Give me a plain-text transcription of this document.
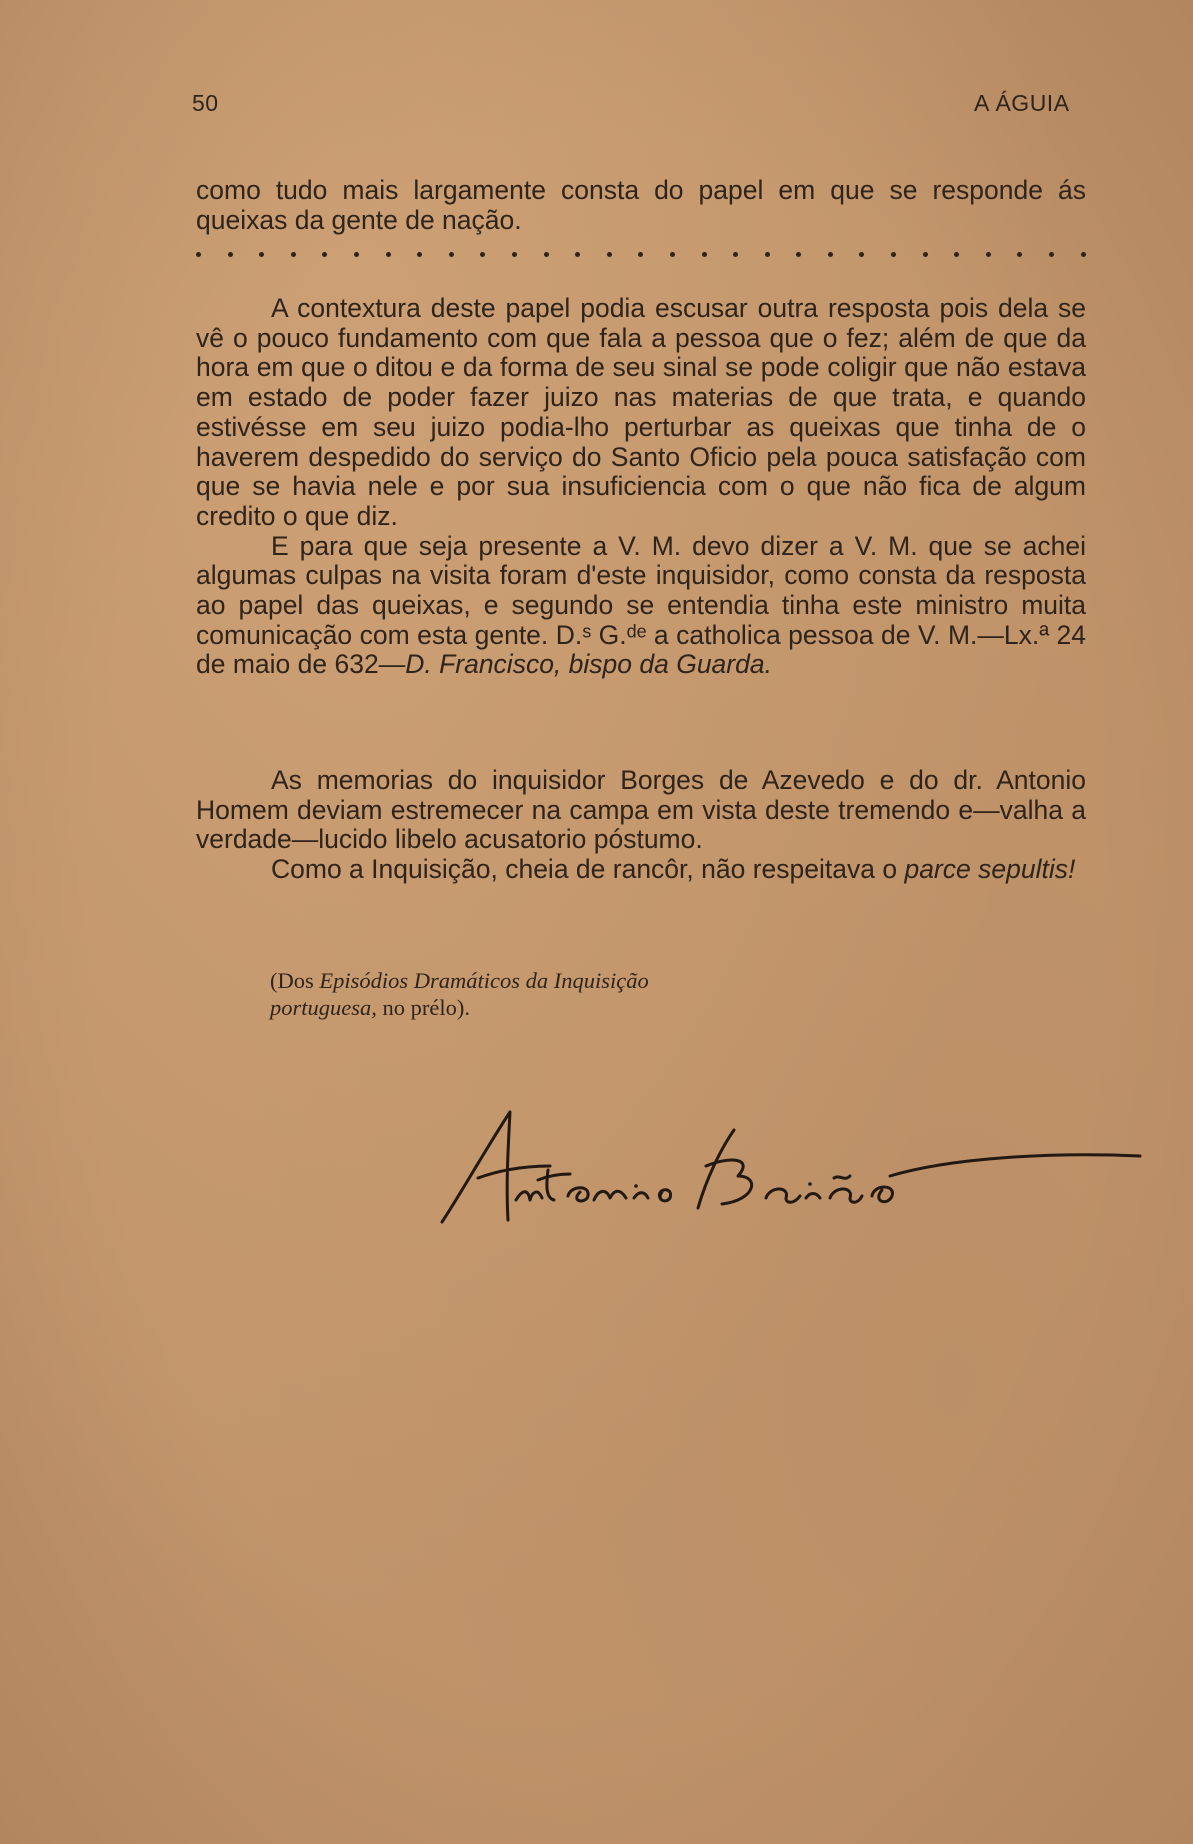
50	A ÁGUIA

como tudo mais largamente consta do papel em que se responde ás queixas da gente de nação.

A contextura deste papel podia escusar outra resposta pois dela se vê o pouco fundamento com que fala a pessoa que o fez; além de que da hora em que o ditou e da forma de seu sinal se pode coligir que não estava em estado de poder fazer juizo nas materias de que trata, e quando estivésse em seu juizo podia-lho perturbar as queixas que tinha de o haverem despedido do serviço do Santo Oficio pela pouca satisfação com que se havia nele e por sua insuficiencia com o que não fica de algum credito o que diz.

E para que seja presente a V. M. devo dizer a V. M. que se achei algumas culpas na visita foram d'este inquisidor, como consta da resposta ao papel das queixas, e segundo se entendia tinha este ministro muita comunicação com esta gente. D.ˢ G.ᵈᵉ a catholica pessoa de V. M.—Lx.ª 24 de maio de 632—D. Francisco, bispo da Guarda.

As memorias do inquisidor Borges de Azevedo e do dr. Antonio Homem deviam estremecer na campa em vista deste tremendo e—valha a verdade—lucido libelo acusatorio póstumo.

Como a Inquisição, cheia de rancôr, não respeitava o parce sepultis!

(Dos Episódios Dramáticos da Inquisição portuguesa, no prélo).
